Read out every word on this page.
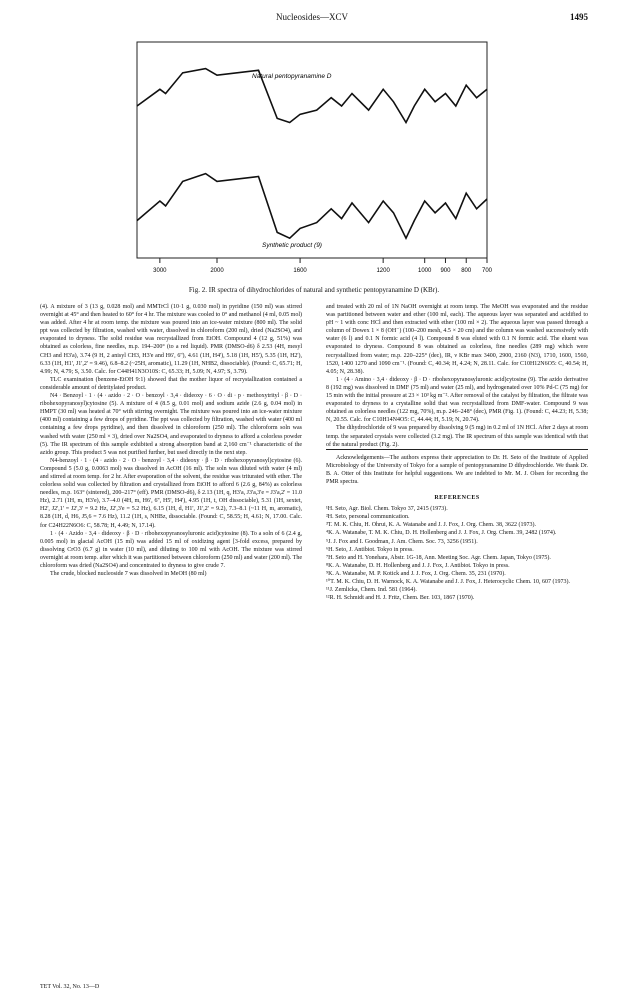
Nucleosides—XCV	1495
3000	2000	1600	1200	1000 900 800 700
Natural pentopyranamine D
Synthetic product (9)
Fig. 2. IR spectra of dihydrochlorides of natural and synthetic pentopyranamine D (KBr).

(4). A mixture of 3 (13 g, 0.028 mol) and MMTrCl (10·1 g, 0.030 mol) in pyridine (150 ml) was stirred overnight at 45° and then heated to 60° for 4 hr. The mixture was cooled to 0° and methanol (4 ml, 0.05 mol) was added. After 4 hr at room temp. the mixture was poured into an ice-water mixture (800 ml). The solid ppt was collected by filtration, washed with water, dissolved in chloroform (200 ml), dried (Na2SO4), and evaporated to dryness. The solid residue was recrystallized from EtOH. Compound 4 (12 g, 51%) was obtained as colorless, fine needles, m.p. 194–200° (to a red liquid). PMR (DMSO-d6) δ 2.53 (4H, mesyl CH3 and H3'a), 3.74 (9 H, 2 anisyl CH3, H3'e and H6', 6''), 4.61 (1H, H4'), 5.18 (1H, H5'), 5.35 (1H, H2'), 6.33 (1H, H1', J1',2' = 9.46), 6.8–8.2 (~25H, aromatic), 11.29 (1H, NHB2, dissociable). (Found: C, 65.71; H, 4.99; N, 4.79; S, 3.50. Calc. for C44H41N3O10S: C, 65.33; H, 5.09; N, 4.97; S, 3.79).

TLC examination (benzene-EtOH 9:1) showed that the mother liquor of recrystallization contained a considerable amount of detritylated product.

N4 · Benzoyl · 1 · (4 · azido · 2 · O · benzoyl · 3,4 · dideoxy · 6 · O · di · p · methoxytrityl · β · D · ribohexopyranosyl)cytosine (5). A mixture of 4 (8.5 g, 0.01 mol) and sodium azide (2.6 g, 0.04 mol) in HMPT (30 ml) was heated at 70° with stirring overnight. The mixture was poured into an ice-water mixture (400 ml) containing a few drops of pyridine. The ppt was collected by filtration, washed with water (400 ml containing a few drops pyridine), and then dissolved in chloroform (250 ml). The chloroform soln was washed with water (250 ml × 3), dried over Na2SO4, and evaporated to dryness to afford a colorless powder (5). The IR spectrum of this sample exhibited a strong absorption band at 2,160 cm⁻¹ characteristic of the azido group. This product 5 was not purified further, but used directly in the next step.

N4-benzoyl · 1 · (4 · azido · 2 · O · benzoyl · 3,4 · dideoxy · β · D · ribohexopyranosyl)cytosine (6). Compound 5 (5.0 g, 0.0063 mol) was dissolved in AcOH (16 ml). The soln was diluted with water (4 ml) and stirred at room temp. for 2 hr. After evaporation of the solvent, the residue was triturated with ether. The colorless solid was collected by filtration and crystallized from EtOH to afford 6 (2.6 g, 84%) as colorless needles, m.p. 163° (sintered), 200–217° (eff). PMR (DMSO-d6), δ 2.13 (1H, q, H3'a, J3'a,3'e = J3'a,2' = 11.0 Hz), 2.71 (1H, m, H3'e), 3.7–4.0 (4H, m, H6', 6'', H5', H4'), 4.95 (1H, t, OH dissociable), 5.31 (1H, sextet, H2', J2',1' = J2',3' = 9.2 Hz, J2',3'e = 5.2 Hz), 6.15 (1H, d, H1', J1',2' = 9.2), 7.3–8.1 (~11 H, m, aromatic), 8.28 (1H, d, H6, J5,6 = 7.6 Hz), 11.2 (1H, s, NHBz, dissociable. (Found: C, 58.55; H, 4.61; N, 17.00. Calc. for C24H22N6O6: C, 58.78; H, 4.49; N, 17.14).

1 · (4 · Azido · 3,4 · dideoxy · β · D · ribohexopyranosyluronic acid)cytosine (8). To a soln of 6 (2.4 g, 0.005 mol) in glacial AcOH (15 ml) was added 15 ml of oxidizing agent [3-fold excess, prepared by dissolving CrO3 (6.7 g) in water (10 ml), and diluting to 100 ml with AcOH. The mixture was stirred overnight at room temp. after which it was partitioned between chloroform (250 ml) and water (200 ml). The chloroform was dried (Na2SO4) and concentrated to dryness to give crude 7.

The crude, blocked nucleoside 7 was dissolved in MeOH (80 ml)

and treated with 20 ml of 1N NaOH overnight at room temp. The MeOH was evaporated and the residue was partitioned between water and ether (100 ml, each). The aqueous layer was separated and acidified to pH ~ 1 with conc HCl and then extracted with ether (100 ml × 2). The aqueous layer was passed through a column of Dowex 1 × 8 (OH⁻) (100–200 mesh, 4.5 × 20 cm) and the column was washed successively with water (6 l) and 0.1 N formic acid (4 l). Compound 8 was eluted with 0.1 N formic acid. The eluent was evaporated to dryness. Compound 8 was obtained as colorless, fine needles (289 mg) which were recrystallized from water; m.p. 220–225° (dec), IR, ν KBr max 3400, 2900, 2160 (N3), 1710, 1600, 1560, 1520, 1400 1270 and 1090 cm⁻¹. (Found: C, 40.34; H, 4.24; N, 28.11. Calc. for C10H12N6O5: C, 40.54; H, 4.05; N, 28.38).

1 · (4 · Amino · 3,4 · dideoxy · β · D · ribohexopyranosyluronic acid)cytosine (9). The azido derivative 8 (192 mg) was dissolved in DMF (75 ml) and water (25 ml), and hydrogenated over 10% Pd-C (75 mg) for 15 min with the initial pressure at 23 × 10³ kg m⁻². After removal of the catalyst by filtration, the filtrate was evaporated to dryness to a crystalline solid that was recrystallized from DMF-water. Compound 9 was obtained as colorless needles (122 mg, 70%), m.p. 246–248° (dec), PMR (Fig. 1). (Found: C, 44.23; H, 5.38; N, 20.55. Calc. for C10H14N4O5: C, 44.44; H, 5.19; N, 20.74).

The dihydrochloride of 9 was prepared by dissolving 9 (5 mg) in 0.2 ml of 1N HCl. After 2 days at room temp. the separated crystals were collected (3.2 mg). The IR spectrum of this sample was identical with that of the natural product (Fig. 2).

Acknowledgements—The authors express their appreciation to Dr. H. Seto of the Institute of Applied Microbiology of the University of Tokyo for a sample of pentopyranamine D dihydrochloride. We thank Dr. B. A. Otter of this Institute for helpful suggestions. We are indebted to Mr. M. J. Olsen for recording the PMR spectra.

REFERENCES

¹H. Seto, Agr. Biol. Chem. Tokyo 37, 2415 (1973).

²H. Seto, personal communication.

³T. M. K. Chiu, H. Ohrui, K. A. Watanabe and J. J. Fox, J. Org. Chem. 38, 3622 (1973).

⁴K. A. Watanabe, T. M. K. Chiu, D. H. Hollenberg and J. J. Fox, J. Org. Chem. 39, 2482 (1974).

⁵J. J. Fox and I. Goodman, J. Am. Chem. Soc. 73, 3256 (1951).

⁶H. Seto, J. Antibiot. Tokyo in press.

⁷H. Seto and H. Yonehara, Abstr. 1G-18, Ann. Meeting Soc. Agr. Chem. Japan, Tokyo (1975).

⁸K. A. Watanabe, D. H. Hollenberg and J. J. Fox, J. Antibiot. Tokyo in press.

⁹K. A. Watanabe, M. P. Kotick and J. J. Fox, J. Org. Chem. 35, 231 (1970).

¹⁰T. M. K. Chiu, D. H. Warnock, K. A. Watanabe and J. J. Fox, J. Heterocyclic Chem. 10, 607 (1973).

¹¹J. Zemlicka, Chem. Ind. 581 (1964).

¹²R. H. Schmidt and H. J. Fritz, Chem. Ber. 103, 1867 (1970).

TET Vol. 32, No. 13—D
